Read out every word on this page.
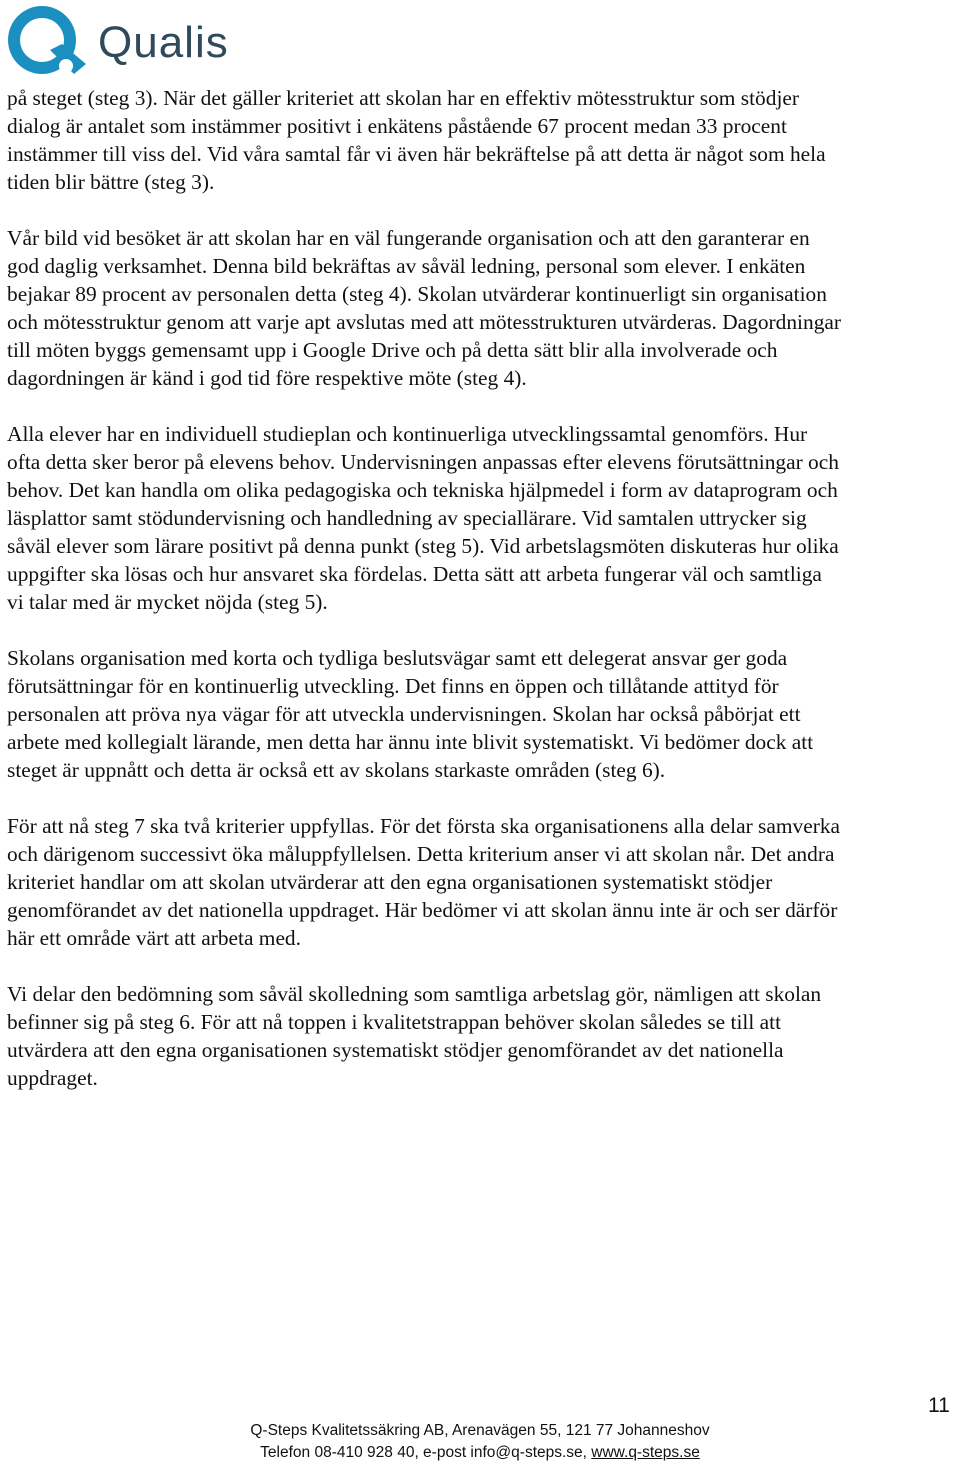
Qualis

på steget (steg 3). När det gäller kriteriet att skolan har en effektiv mötesstruktur som stödjer
dialog är antalet som instämmer positivt i enkätens påstående 67 procent medan 33 procent
instämmer till viss del. Vid våra samtal får vi även här bekräftelse på att detta är något som hela
tiden blir bättre (steg 3).

Vår bild vid besöket är att skolan har en väl fungerande organisation och att den garanterar en
god daglig verksamhet. Denna bild bekräftas av såväl ledning, personal som elever. I enkäten
bejakar 89 procent av personalen detta (steg 4). Skolan utvärderar kontinuerligt sin organisation
och mötesstruktur genom att varje apt avslutas med att mötesstrukturen utvärderas. Dagordningar
till möten byggs gemensamt upp i Google Drive och på detta sätt blir alla involverade och
dagordningen är känd i god tid före respektive möte (steg 4).

Alla elever har en individuell studieplan och kontinuerliga utvecklingssamtal genomförs. Hur
ofta detta sker beror på elevens behov. Undervisningen anpassas efter elevens förutsättningar och
behov. Det kan handla om olika pedagogiska och tekniska hjälpmedel i form av dataprogram och
läsplattor samt stödundervisning och handledning av speciallärare. Vid samtalen uttrycker sig
såväl elever som lärare positivt på denna punkt (steg 5). Vid arbetslagsmöten diskuteras hur olika
uppgifter ska lösas och hur ansvaret ska fördelas. Detta sätt att arbeta fungerar väl och samtliga
vi talar med är mycket nöjda (steg 5).

Skolans organisation med korta och tydliga beslutsvägar samt ett delegerat ansvar ger goda
förutsättningar för en kontinuerlig utveckling. Det finns en öppen och tillåtande attityd för
personalen att pröva nya vägar för att utveckla undervisningen. Skolan har också påbörjat ett
arbete med kollegialt lärande, men detta har ännu inte blivit systematiskt. Vi bedömer dock att
steget är uppnått och detta är också ett av skolans starkaste områden (steg 6).

För att nå steg 7 ska två kriterier uppfyllas. För det första ska organisationens alla delar samverka
och därigenom successivt öka måluppfyllelsen. Detta kriterium anser vi att skolan når. Det andra
kriteriet handlar om att skolan utvärderar att den egna organisationen systematiskt stödjer
genomförandet av det nationella uppdraget. Här bedömer vi att skolan ännu inte är och ser därför
här ett område värt att arbeta med.

Vi delar den bedömning som såväl skolledning som samtliga arbetslag gör, nämligen att skolan
befinner sig på steg 6. För att nå toppen i kvalitetstrappan behöver skolan således se till att
utvärdera att den egna organisationen systematiskt stödjer genomförandet av det nationella
uppdraget.

11
Q-Steps Kvalitetssäkring AB, Arenavägen 55, 121 77 Johanneshov
Telefon 08-410 928 40, e-post info@q-steps.se, www.q-steps.se
